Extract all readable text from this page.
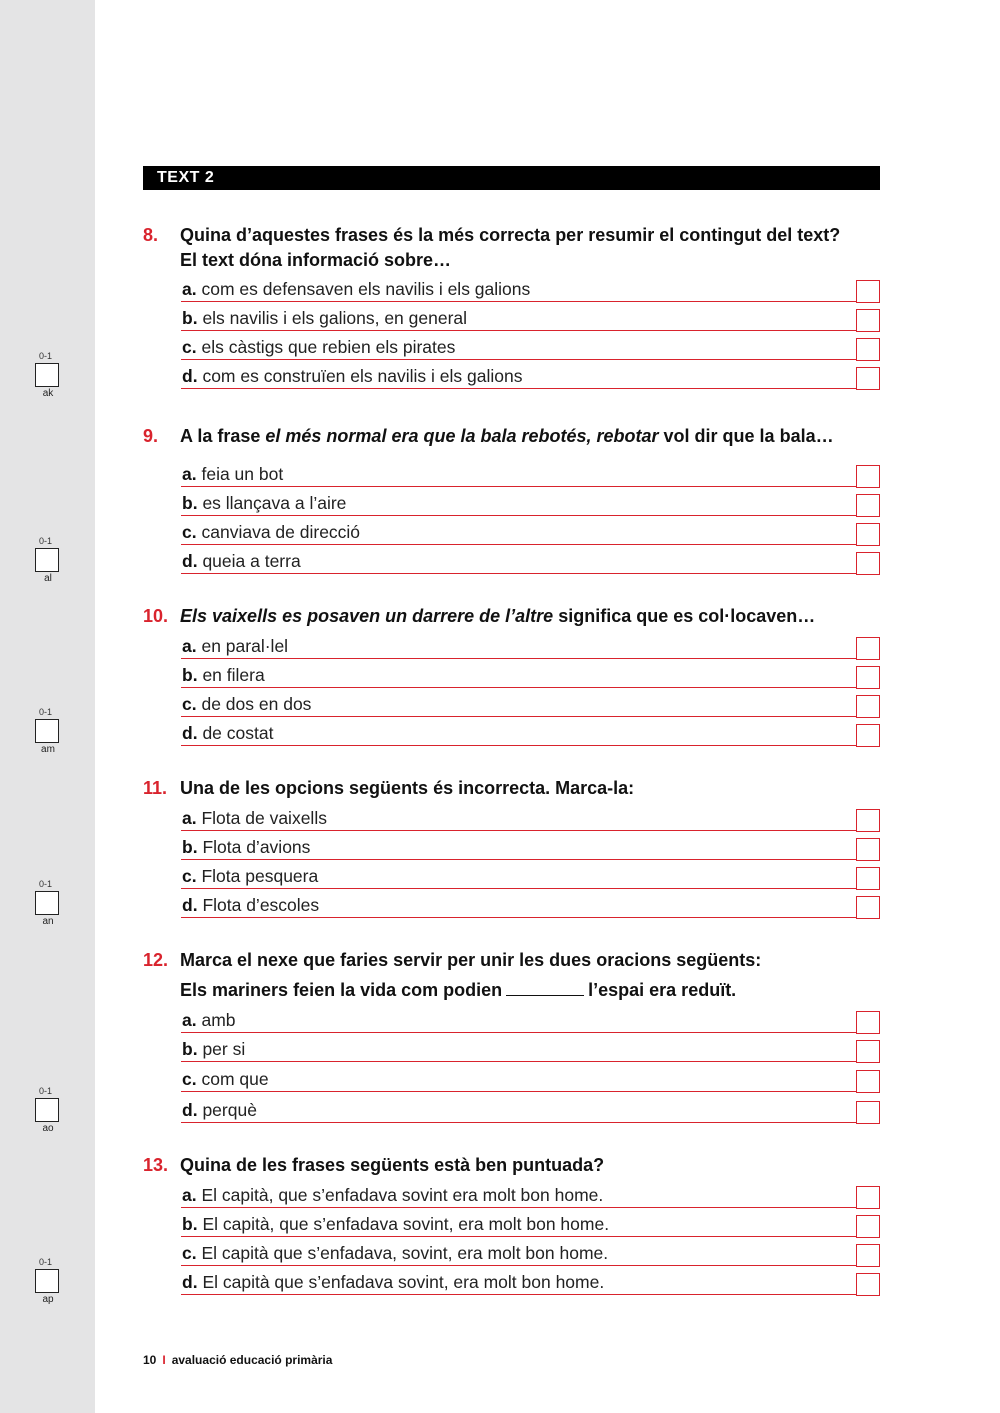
TEXT 2
8. Quina d’aquestes frases és la més correcta per resumir el contingut del text?
El text dóna informació sobre…
a. com es defensaven els navilis i els galions
b. els navilis i els galions, en general
c. els càstigs que rebien els pirates
d. com es construïen els navilis i els galions
9. A la frase el més normal era que la bala rebotés, rebotar vol dir que la bala…
a. feia un bot
b. es llançava a l’aire
c. canviava de direcció
d. queia a terra
10. Els vaixells es posaven un darrere de l’altre significa que es col·locaven…
a. en paral·lel
b. en filera
c. de dos en dos
d. de costat
11. Una de les opcions següents és incorrecta. Marca-la:
a. Flota de vaixells
b. Flota d’avions
c. Flota pesquera
d. Flota d’escoles
12. Marca el nexe que faries servir per unir les dues oracions següents:
Els mariners feien la vida com podien	l’espai era reduït.
a. amb
b. per si
c. com que
d. perquè
13. Quina de les frases següents està ben puntuada?
a. El capità, que s’enfadava sovint era molt bon home.
b. El capità, que s’enfadava sovint, era molt bon home.
c. El capità que s’enfadava, sovint, era molt bon home.
d. El capità que s’enfadava sovint, era molt bon home.
0-1
ak
0-1
al
0-1
am
0-1
an
0-1
ao
0-1
ap
10 I avaluació educació primària
